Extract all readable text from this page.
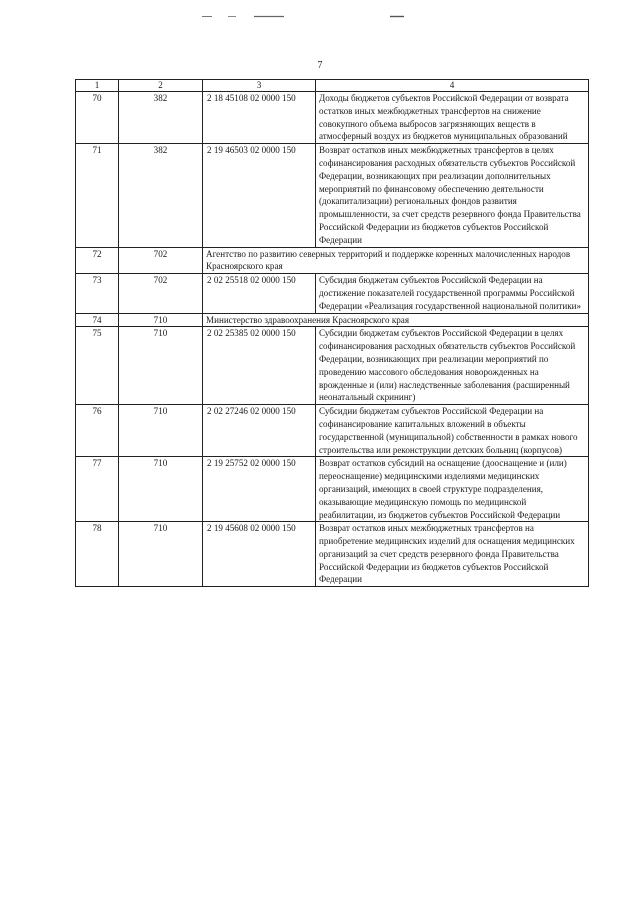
7
1	2	3	4
70	382	2 18 45108 02 0000 150	Доходы бюджетов субъектов Российской Федерации от возврата остатков иных межбюджетных трансфертов на снижение совокупного объема выбросов загрязняющих веществ в атмосферный воздух из бюджетов муниципальных образований
71	382	2 19 46503 02 0000 150	Возврат остатков иных межбюджетных трансфертов в целях софинансирования расходных обязательств субъектов Российской Федерации, возникающих при реализации дополнительных мероприятий по финансовому обеспечению деятельности (докапитализации) региональных фондов развития промышленности, за счет средств резервного фонда Правительства Российской Федерации из бюджетов субъектов Российской Федерации
72	702	Агентство по развитию северных территорий и поддержке коренных малочисленных народов Красноярского края	
73	702	2 02 25518 02 0000 150	Субсидия бюджетам субъектов Российской Федерации на достижение показателей государственной программы Российской Федерации «Реализация государственной национальной политики»
74	710	Министерство здравоохранения Красноярского края	
75	710	2 02 25385 02 0000 150	Субсидии бюджетам субъектов Российской Федерации в целях софинансирования расходных обязательств субъектов Российской Федерации, возникающих при реализации мероприятий по проведению массового обследования новорожденных на врожденные и (или) наследственные заболевания (расширенный неонатальный скрининг)
76	710	2 02 27246 02 0000 150	Субсидии бюджетам субъектов Российской Федерации на софинансирование капитальных вложений в объекты государственной (муниципальной) собственности в рамках нового строительства или реконструкции детских больниц (корпусов)
77	710	2 19 25752 02 0000 150	Возврат остатков субсидий на оснащение (дооснащение и (или) переоснащение) медицинскими изделиями медицинских организаций, имеющих в своей структуре подразделения, оказывающие медицинскую помощь по медицинской реабилитации, из бюджетов субъектов Российской Федерации
78	710	2 19 45608 02 0000 150	Возврат остатков иных межбюджетных трансфертов на приобретение медицинских изделий для оснащения медицинских организаций за счет средств резервного фонда Правительства Российской Федерации из бюджетов субъектов Российской Федерации
